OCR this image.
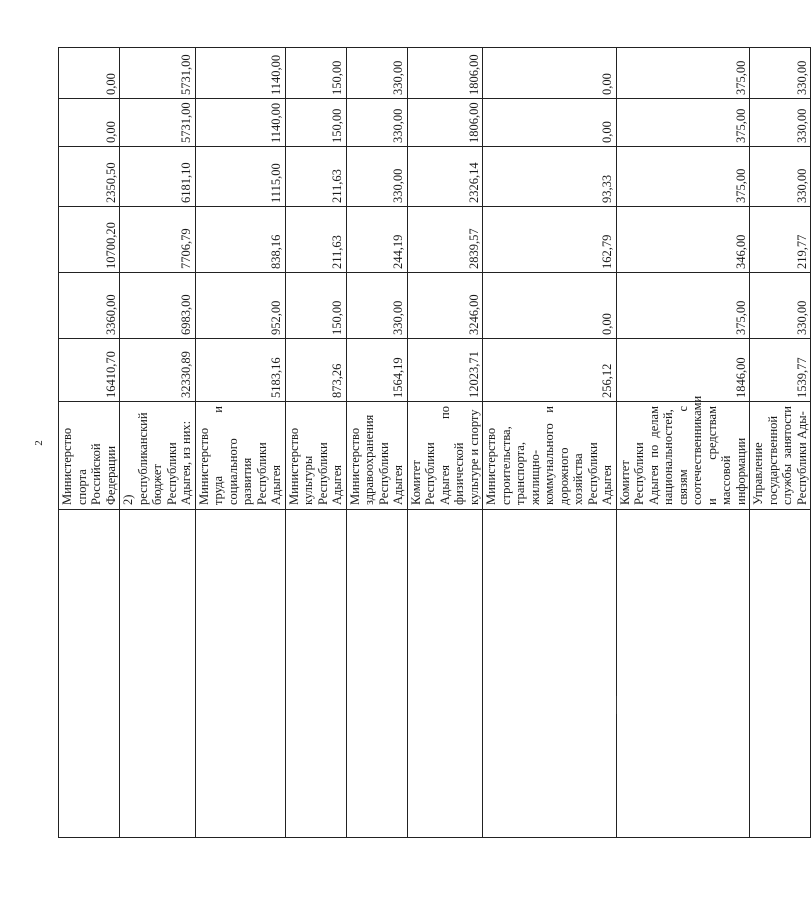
2
	Министерство спорта Российской Федерации	16410,70	3360,00	10700,20	2350,50	0,00	0,00
	2) республиканский бюджет Республики Адыгея, из них:	32330,89	6983,00	7706,79	6181,10	5731,00	5731,00
	Министерство труда и социального развития Республики Адыгея	5183,16	952,00	838,16	1115,00	1140,00	1140,00
	Министерство культуры Республики Адыгея	873,26	150,00	211,63	211,63	150,00	150,00
	Министерство здравоохранения Республики Адыгея	1564,19	330,00	244,19	330,00	330,00	330,00
	Комитет Республики Адыгея по физической культуре и спорту	12023,71	3246,00	2839,57	2326,14	1806,00	1806,00
	Министерство строительства, транспорта, жилищно-коммунального и дорожного хозяйства Республики Адыгея	256,12	0,00	162,79	93,33	0,00	0,00
	Комитет Республики Адыгея по делам национальностей, связям с соотечественниками и средствам массовой информации	1846,00	375,00	346,00	375,00	375,00	375,00
	Управление государственной службы занятости Республики Ады-	1539,77	330,00	219,77	330,00	330,00	330,00
